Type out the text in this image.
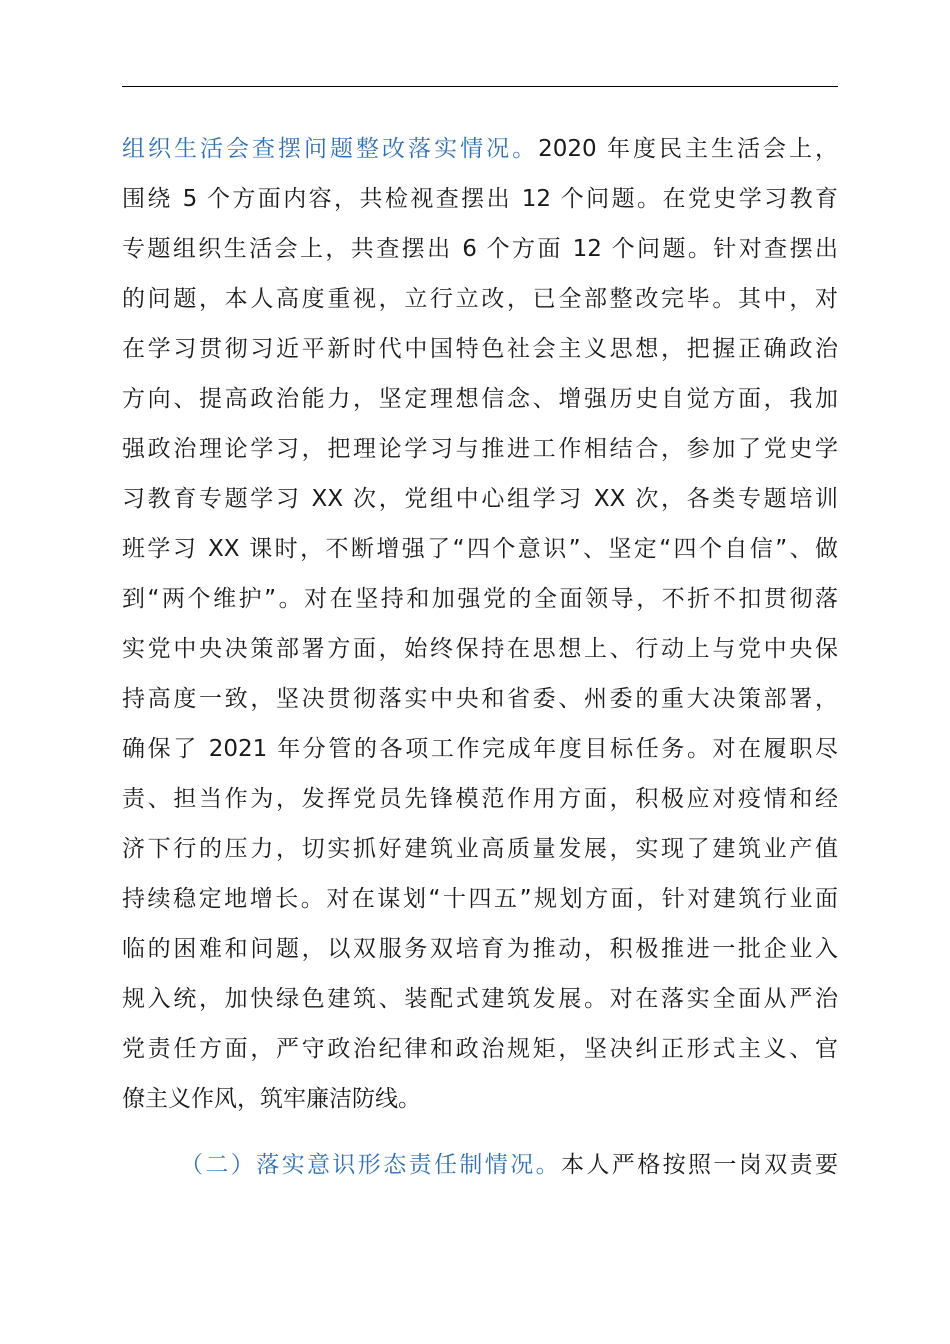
组织生活会查摆问题整改落实情况。2020 年度民主生活会上，
围绕 5 个方面内容，共检视查摆出 12 个问题。在党史学习教育
专题组织生活会上，共查摆出 6 个方面 12 个问题。针对查摆出
的问题，本人高度重视，立行立改，已全部整改完毕。其中，对
在学习贯彻习近平新时代中国特色社会主义思想，把握正确政治
方向、提高政治能力，坚定理想信念、增强历史自觉方面，我加
强政治理论学习，把理论学习与推进工作相结合，参加了党史学
习教育专题学习 XX 次，党组中心组学习 XX 次，各类专题培训
班学习 XX 课时，不断增强了“四个意识”、坚定“四个自信”、做
到“两个维护”。对在坚持和加强党的全面领导，不折不扣贯彻落
实党中央决策部署方面，始终保持在思想上、行动上与党中央保
持高度一致，坚决贯彻落实中央和省委、州委的重大决策部署，
确保了 2021 年分管的各项工作完成年度目标任务。对在履职尽
责、担当作为，发挥党员先锋模范作用方面，积极应对疫情和经
济下行的压力，切实抓好建筑业高质量发展，实现了建筑业产值
持续稳定地增长。对在谋划“十四五”规划方面，针对建筑行业面
临的困难和问题，以双服务双培育为推动，积极推进一批企业入
规入统，加快绿色建筑、装配式建筑发展。对在落实全面从严治
党责任方面，严守政治纪律和政治规矩，坚决纠正形式主义、官
僚主义作风，筑牢廉洁防线。
（二）落实意识形态责任制情况。本人严格按照一岗双责要
